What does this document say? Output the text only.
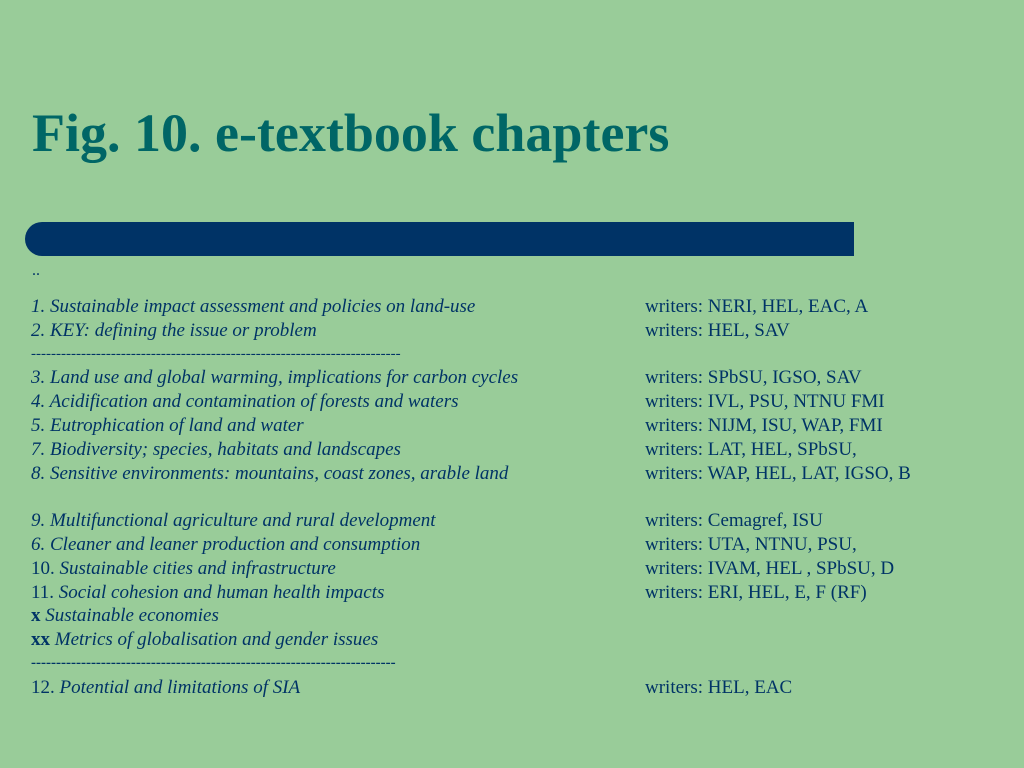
Fig. 10. e-textbook chapters
..
1. Sustainable impact assessment and policies on land-use	writers: NERI, HEL, EAC, A
2. KEY: defining the issue or problem	writers: HEL, SAV
--------------------------------------------------------------------------
3. Land use and global warming, implications for carbon cycles	writers: SPbSU, IGSO, SAV
4. Acidification and contamination of forests and waters	writers: IVL, PSU, NTNU FMI
5. Eutrophication of land and water	writers: NIJM, ISU, WAP, FMI
7. Biodiversity; species, habitats and landscapes	writers: LAT, HEL, SPbSU,
8. Sensitive environments: mountains, coast zones, arable land	writers: WAP, HEL, LAT, IGSO, B
9. Multifunctional agriculture and rural development	writers: Cemagref, ISU
6. Cleaner and leaner production and consumption	writers: UTA, NTNU, PSU,
10. Sustainable cities and infrastructure	writers: IVAM, HEL , SPbSU, D
11. Social cohesion and human health impacts	writers: ERI, HEL, E, F (RF)
x Sustainable economies
xx Metrics of globalisation and gender issues
-------------------------------------------------------------------------
12. Potential and limitations of SIA	writers: HEL, EAC
